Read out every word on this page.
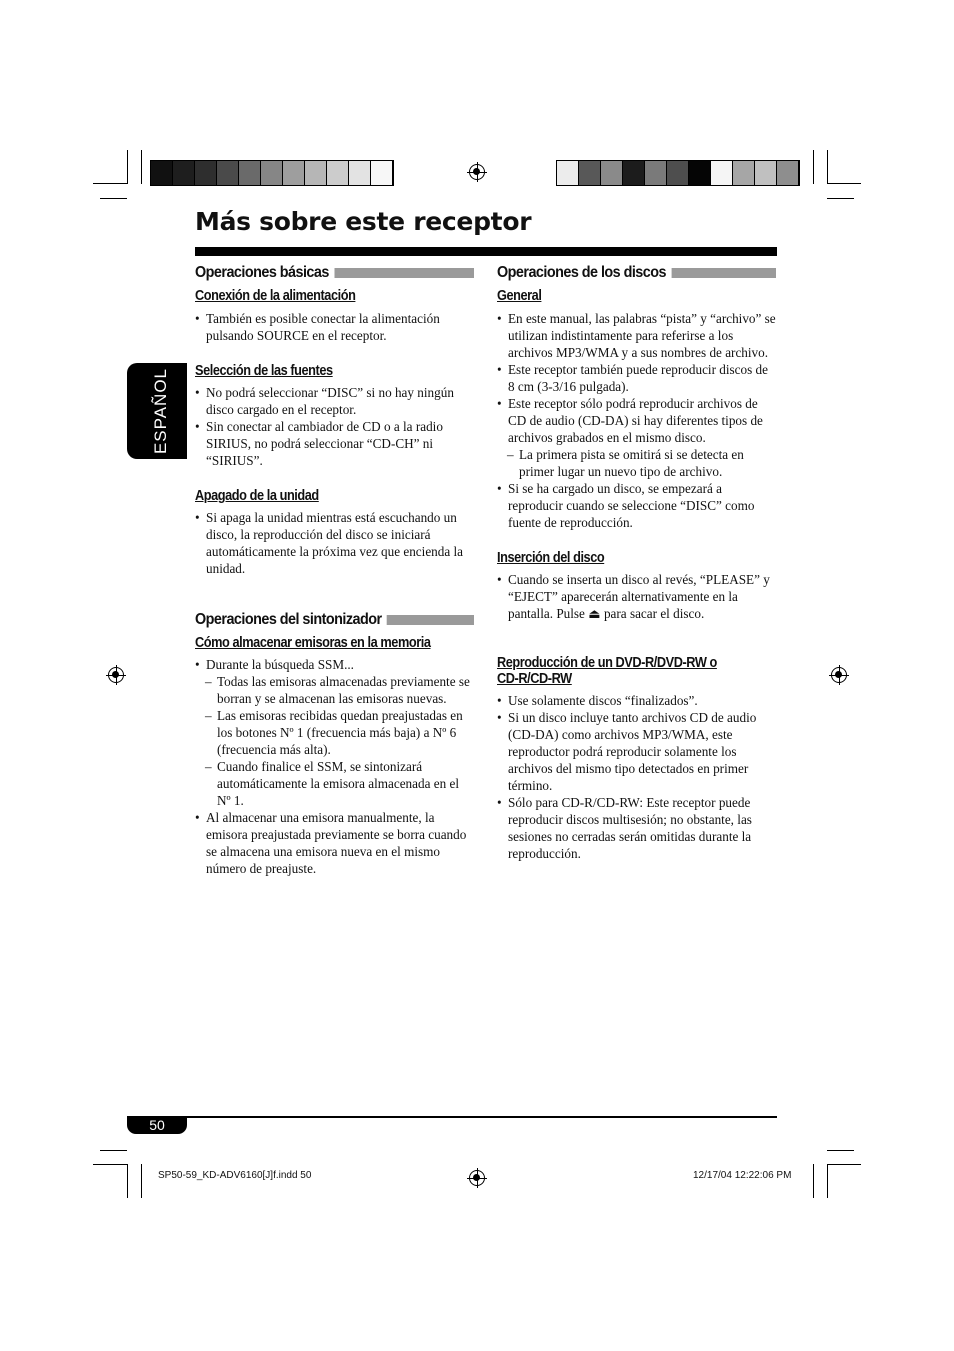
Más sobre este receptor
ESPAÑOL
Operaciones básicas
Conexión de la alimentación
• También es posible conectar la alimentación pulsando SOURCE en el receptor.
Selección de las fuentes
• No podrá seleccionar “DISC” si no hay ningún disco cargado en el receptor.
• Sin conectar al cambiador de CD o a la radio SIRIUS, no podrá seleccionar “CD-CH” ni “SIRIUS”.
Apagado de la unidad
• Si apaga la unidad mientras está escuchando un disco, la reproducción del disco se iniciará automáticamente la próxima vez que encienda la unidad.
Operaciones del sintonizador
Cómo almacenar emisoras en la memoria
• Durante la búsqueda SSM...
– Todas las emisoras almacenadas previamente se borran y se almacenan las emisoras nuevas.
– Las emisoras recibidas quedan preajustadas en los botones Nº 1 (frecuencia más baja) a Nº 6 (frecuencia más alta).
– Cuando finalice el SSM, se sintonizará automáticamente la emisora almacenada en el Nº 1.
• Al almacenar una emisora manualmente, la emisora preajustada previamente se borra cuando se almacena una emisora nueva en el mismo número de preajuste.
Operaciones de los discos
General
• En este manual, las palabras “pista” y “archivo” se utilizan indistintamente para referirse a los archivos MP3/WMA y a sus nombres de archivo.
• Este receptor también puede reproducir discos de 8 cm (3-3/16 pulgada).
• Este receptor sólo podrá reproducir archivos de CD de audio (CD-DA) si hay diferentes tipos de archivos grabados en el mismo disco.
– La primera pista se omitirá si se detecta en primer lugar un nuevo tipo de archivo.
• Si se ha cargado un disco, se empezará a reproducir cuando se seleccione “DISC” como fuente de reproducción.
Inserción del disco
• Cuando se inserta un disco al revés, “PLEASE” y “EJECT” aparecerán alternativamente en la pantalla. Pulse ⏏ para sacar el disco.
Reproducción de un DVD-R/DVD-RW o
CD-R/CD-RW
• Use solamente discos “finalizados”.
• Si un disco incluye tanto archivos CD de audio (CD-DA) como archivos MP3/WMA, este reproductor podrá reproducir solamente los archivos del mismo tipo detectados en primer término.
• Sólo para CD-R/CD-RW: Este receptor puede reproducir discos multisesión; no obstante, las sesiones no cerradas serán omitidas durante la reproducción.
50
SP50-59_KD-ADV6160[J]f.indd 50	12/17/04 12:22:06 PM
